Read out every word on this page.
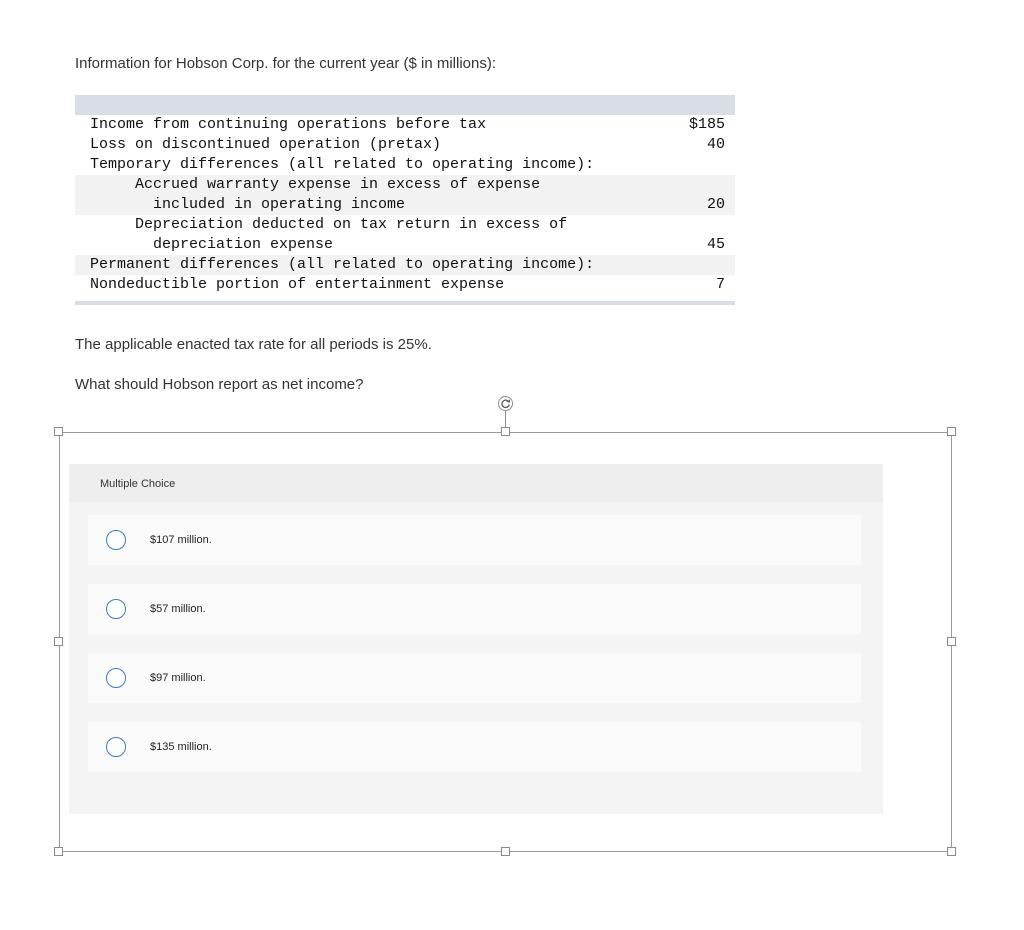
Information for Hobson Corp. for the current year ($ in millions):
Income from continuing operations before tax	$185
Loss on discontinued operation (pretax)	40
Temporary differences (all related to operating income):
Accrued warranty expense in excess of expense
included in operating income	20
Depreciation deducted on tax return in excess of
depreciation expense	45
Permanent differences (all related to operating income):
Nondeductible portion of entertainment expense	7
The applicable enacted tax rate for all periods is 25%.
What should Hobson report as net income?
Multiple Choice
$107 million.
$57 million.
$97 million.
$135 million.
